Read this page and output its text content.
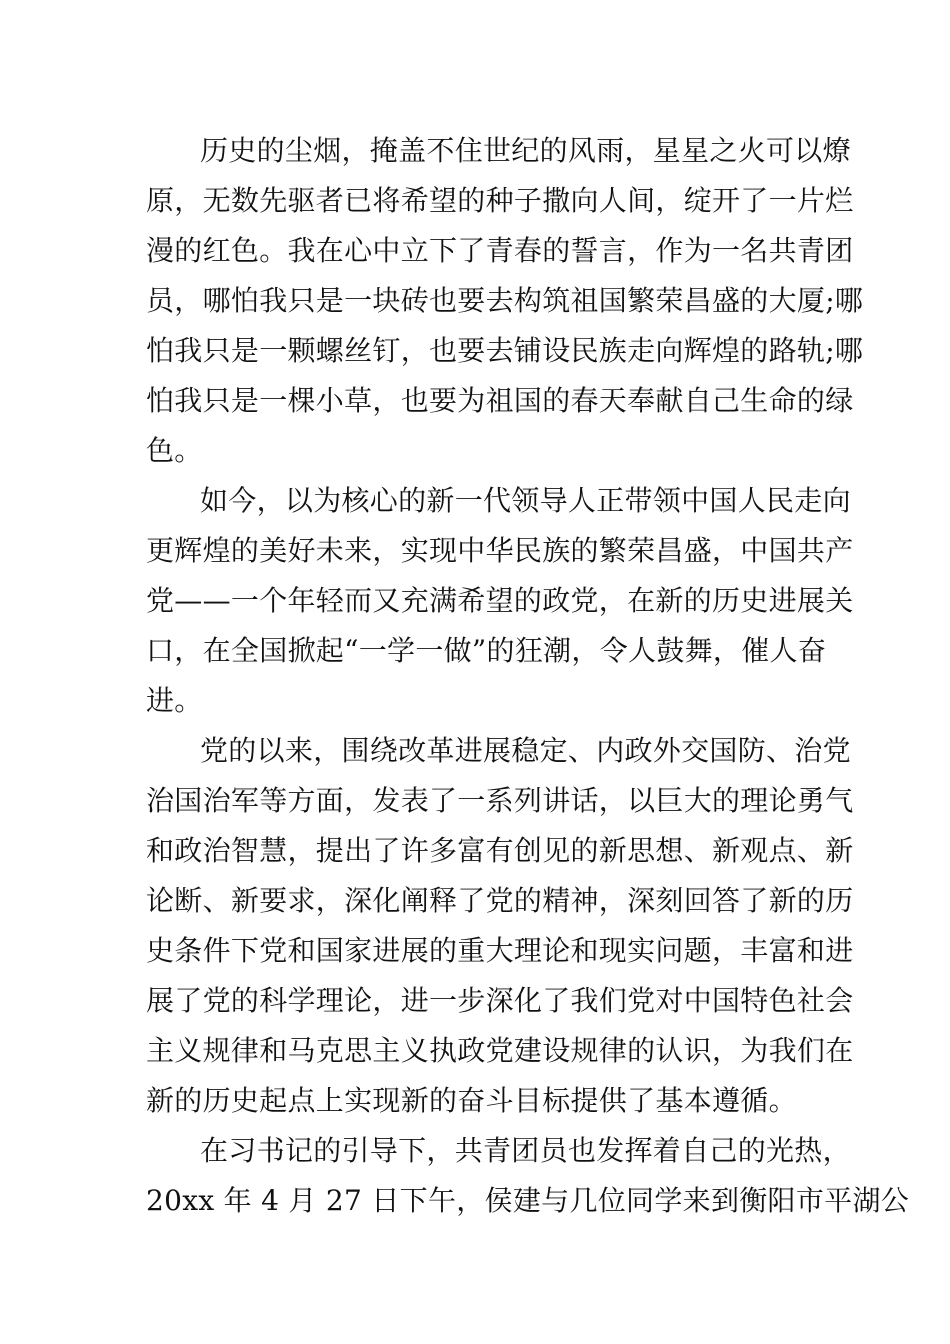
历史的尘烟，掩盖不住世纪的风雨，星星之火可以燎
原，无数先驱者已将希望的种子撒向人间，绽开了一片烂
漫的红色。我在心中立下了青春的誓言，作为一名共青团
员，哪怕我只是一块砖也要去构筑祖国繁荣昌盛的大厦;哪
怕我只是一颗螺丝钉，也要去铺设民族走向辉煌的路轨;哪
怕我只是一棵小草，也要为祖国的春天奉献自己生命的绿
色。
如今，以为核心的新一代领导人正带领中国人民走向
更辉煌的美好未来，实现中华民族的繁荣昌盛，中国共产
党——一个年轻而又充满希望的政党，在新的历史进展关
口，在全国掀起“一学一做”的狂潮，令人鼓舞，催人奋
进。
党的以来，围绕改革进展稳定、内政外交国防、治党
治国治军等方面，发表了一系列讲话，以巨大的理论勇气
和政治智慧，提出了许多富有创见的新思想、新观点、新
论断、新要求，深化阐释了党的精神，深刻回答了新的历
史条件下党和国家进展的重大理论和现实问题，丰富和进
展了党的科学理论，进一步深化了我们党对中国特色社会
主义规律和马克思主义执政党建设规律的认识，为我们在
新的历史起点上实现新的奋斗目标提供了基本遵循。
在习书记的引导下，共青团员也发挥着自己的光热，
20xx 年 4 月 27 日下午，侯建与几位同学来到衡阳市平湖公
